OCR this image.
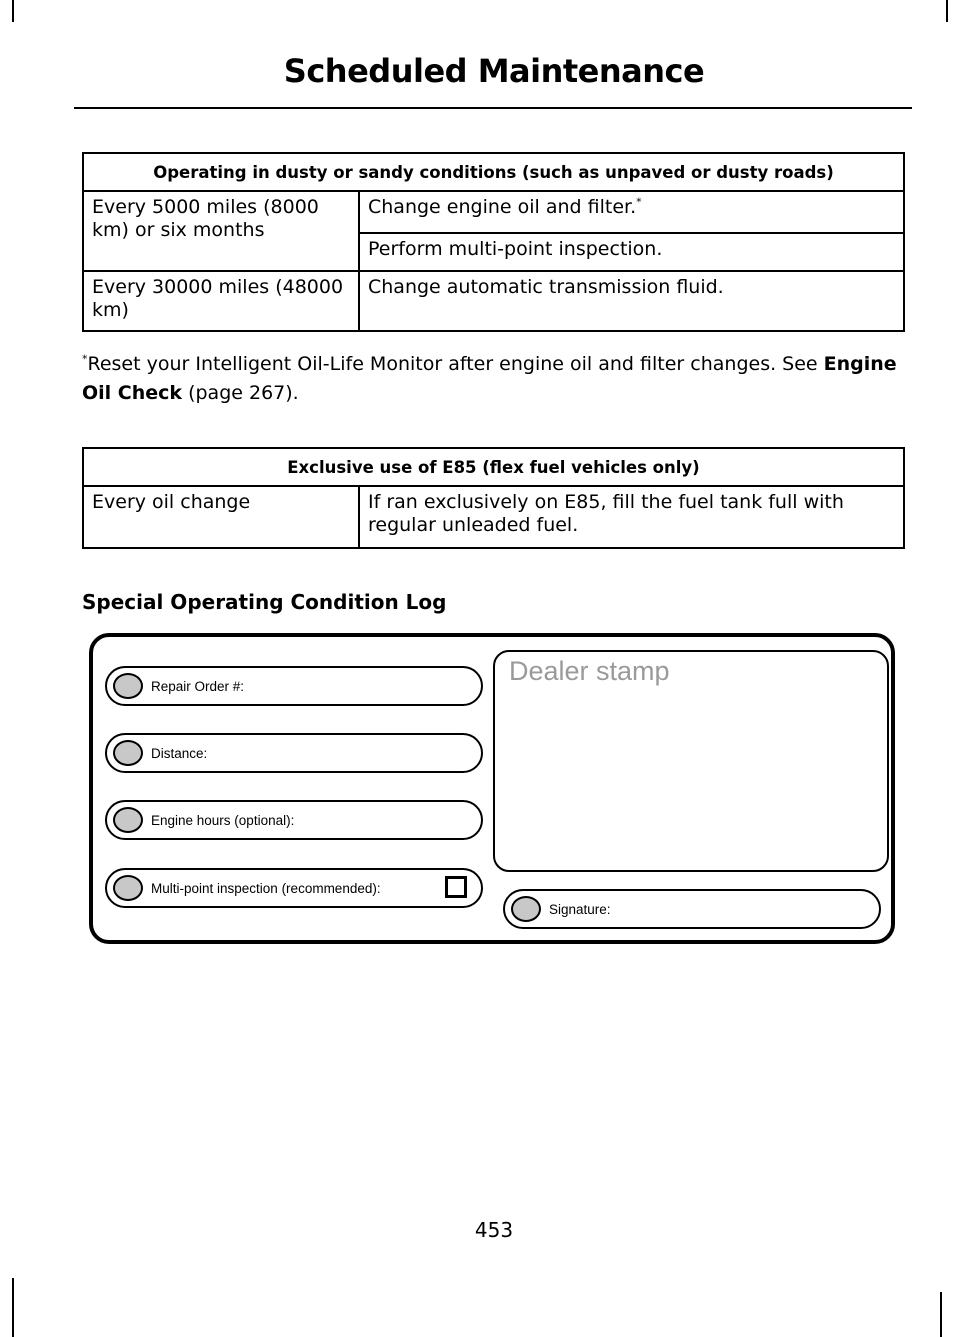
Scheduled Maintenance
Operating in dusty or sandy conditions (such as unpaved or dusty roads)	
Every 5000 miles (8000 km) or six months	Change engine oil and filter.*
	Perform multi-point inspection.
Every 30000 miles (48000 km)	Change automatic transmission fluid.
*Reset your Intelligent Oil-Life Monitor after engine oil and filter changes. See Engine Oil Check (page 267).
Exclusive use of E85 (flex fuel vehicles only)
Every oil change	If ran exclusively on E85, fill the fuel tank full with regular unleaded fuel.
Special Operating Condition Log
Repair Order #:
Distance:
Engine hours (optional):
Multi-point inspection (recommended):
Dealer stamp
Signature:
453
